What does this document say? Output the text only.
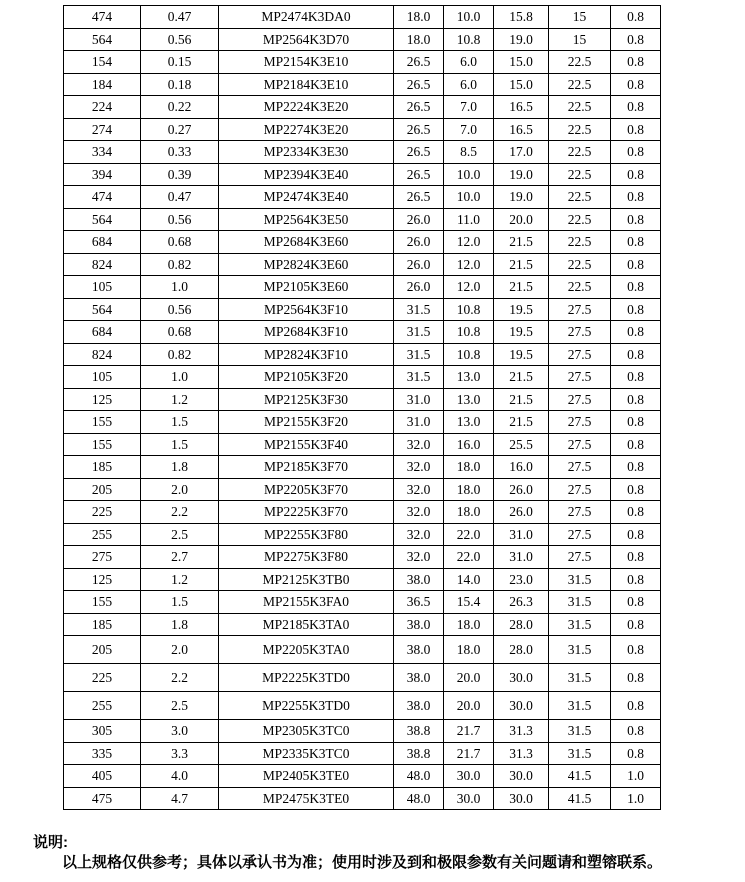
474	0.47	MP2474K3DA0	18.0	10.0	15.8	15	0.8
564	0.56	MP2564K3D70	18.0	10.8	19.0	15	0.8
154	0.15	MP2154K3E10	26.5	6.0	15.0	22.5	0.8
184	0.18	MP2184K3E10	26.5	6.0	15.0	22.5	0.8
224	0.22	MP2224K3E20	26.5	7.0	16.5	22.5	0.8
274	0.27	MP2274K3E20	26.5	7.0	16.5	22.5	0.8
334	0.33	MP2334K3E30	26.5	8.5	17.0	22.5	0.8
394	0.39	MP2394K3E40	26.5	10.0	19.0	22.5	0.8
474	0.47	MP2474K3E40	26.5	10.0	19.0	22.5	0.8
564	0.56	MP2564K3E50	26.0	11.0	20.0	22.5	0.8
684	0.68	MP2684K3E60	26.0	12.0	21.5	22.5	0.8
824	0.82	MP2824K3E60	26.0	12.0	21.5	22.5	0.8
105	1.0	MP2105K3E60	26.0	12.0	21.5	22.5	0.8
564	0.56	MP2564K3F10	31.5	10.8	19.5	27.5	0.8
684	0.68	MP2684K3F10	31.5	10.8	19.5	27.5	0.8
824	0.82	MP2824K3F10	31.5	10.8	19.5	27.5	0.8
105	1.0	MP2105K3F20	31.5	13.0	21.5	27.5	0.8
125	1.2	MP2125K3F30	31.0	13.0	21.5	27.5	0.8
155	1.5	MP2155K3F20	31.0	13.0	21.5	27.5	0.8
155	1.5	MP2155K3F40	32.0	16.0	25.5	27.5	0.8
185	1.8	MP2185K3F70	32.0	18.0	16.0	27.5	0.8
205	2.0	MP2205K3F70	32.0	18.0	26.0	27.5	0.8
225	2.2	MP2225K3F70	32.0	18.0	26.0	27.5	0.8
255	2.5	MP2255K3F80	32.0	22.0	31.0	27.5	0.8
275	2.7	MP2275K3F80	32.0	22.0	31.0	27.5	0.8
125	1.2	MP2125K3TB0	38.0	14.0	23.0	31.5	0.8
155	1.5	MP2155K3FA0	36.5	15.4	26.3	31.5	0.8
185	1.8	MP2185K3TA0	38.0	18.0	28.0	31.5	0.8
205	2.0	MP2205K3TA0	38.0	18.0	28.0	31.5	0.8
225	2.2	MP2225K3TD0	38.0	20.0	30.0	31.5	0.8
255	2.5	MP2255K3TD0	38.0	20.0	30.0	31.5	0.8
305	3.0	MP2305K3TC0	38.8	21.7	31.3	31.5	0.8
335	3.3	MP2335K3TC0	38.8	21.7	31.3	31.5	0.8
405	4.0	MP2405K3TE0	48.0	30.0	30.0	41.5	1.0
475	4.7	MP2475K3TE0	48.0	30.0	30.0	41.5	1.0
说明:
以上规格仅供参考；具体以承认书为准；使用时涉及到和极限参数有关问题请和塑镕联系。
